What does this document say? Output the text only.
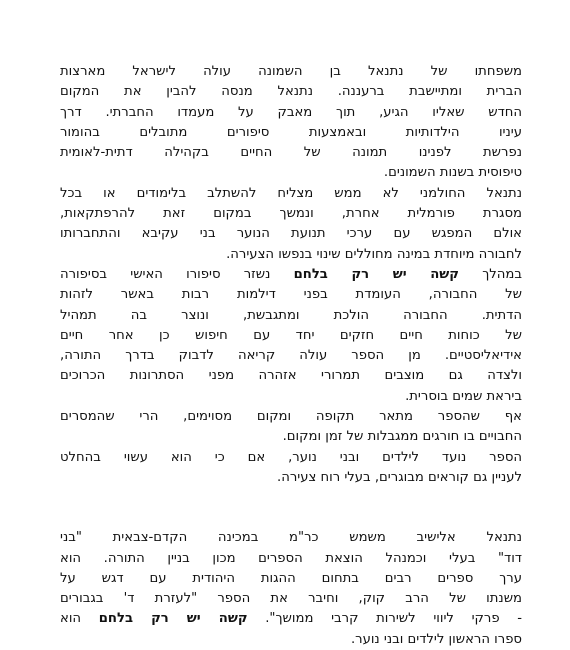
משפחתו של נתנאל בן השמונה עולה לישראל מארצות
הברית ומתיישבת ברעננה. נתנאל מנסה להבין את המקום
החדש שאליו הגיע, תוך מאבק על מעמדו החברתי. דרך
עיניו הילדותיות ובאמצעות סיפורים מתובלים בהומור
נפרשת לפנינו תמונה של החיים בקהילה דתית-לאומית
טיפוסית בשנות השמונים.

נתנאל החולמני לא ממש מצליח להשתלב בלימודים או בכל
מסגרת פורמלית אחרת, ונמשך במקום זאת להרפתקאות,
אולם המפגש עם ערכי תנועת הנוער בני עקיבא והתחברותו
לחבורה מיוחדת במינה מחוללים שינוי בנפשו הצעירה.

במהלך קשה יש רק בלחם נשזר סיפורו האישי בסיפורה
של החבורה, העומדת בפני דילמות רבות באשר לזהות
הדתית. החבורה הולכת ומתגבשת, ונוצר בה תמהיל
של כוחות חיים חזקים יחד עם חיפוש כן אחר חיים
אידיאליסטיים. מן הספר עולה קריאה לדבוק בדרך התורה,
ולצדה גם מוצבים תמרורי אזהרה מפני הסתרונות הכרוכים
ביראת שמים בוסרית.

אף שהספר מתאר תקופה ומקום מסוימים, הרי שהמסרים
החבויים בו חורגים ממגבלות של זמן ומקום.

הספר נועד לילדים ובני נוער, אם כי הוא עשוי בהחלט
לעניין גם קוראים מבוגרים, בעלי רוח צעירה.

נתנאל אלישיב משמש כר"מ במכינה הקדם-צבאית "בני
דוד" בעלי וכמנהל הוצאת הספרים מכון בניין התורה. הוא
ערך ספרים רבים בתחום ההגות היהודית עם דגש על
משנתו של הרב קוק, וחיבר את הספר "לעזרת ד' בגבורים
- פרקי ליווי לשירות קרבי ממושך". קשה יש רק בלחם הוא
ספרו הראשון לילדים ובני נוער.
